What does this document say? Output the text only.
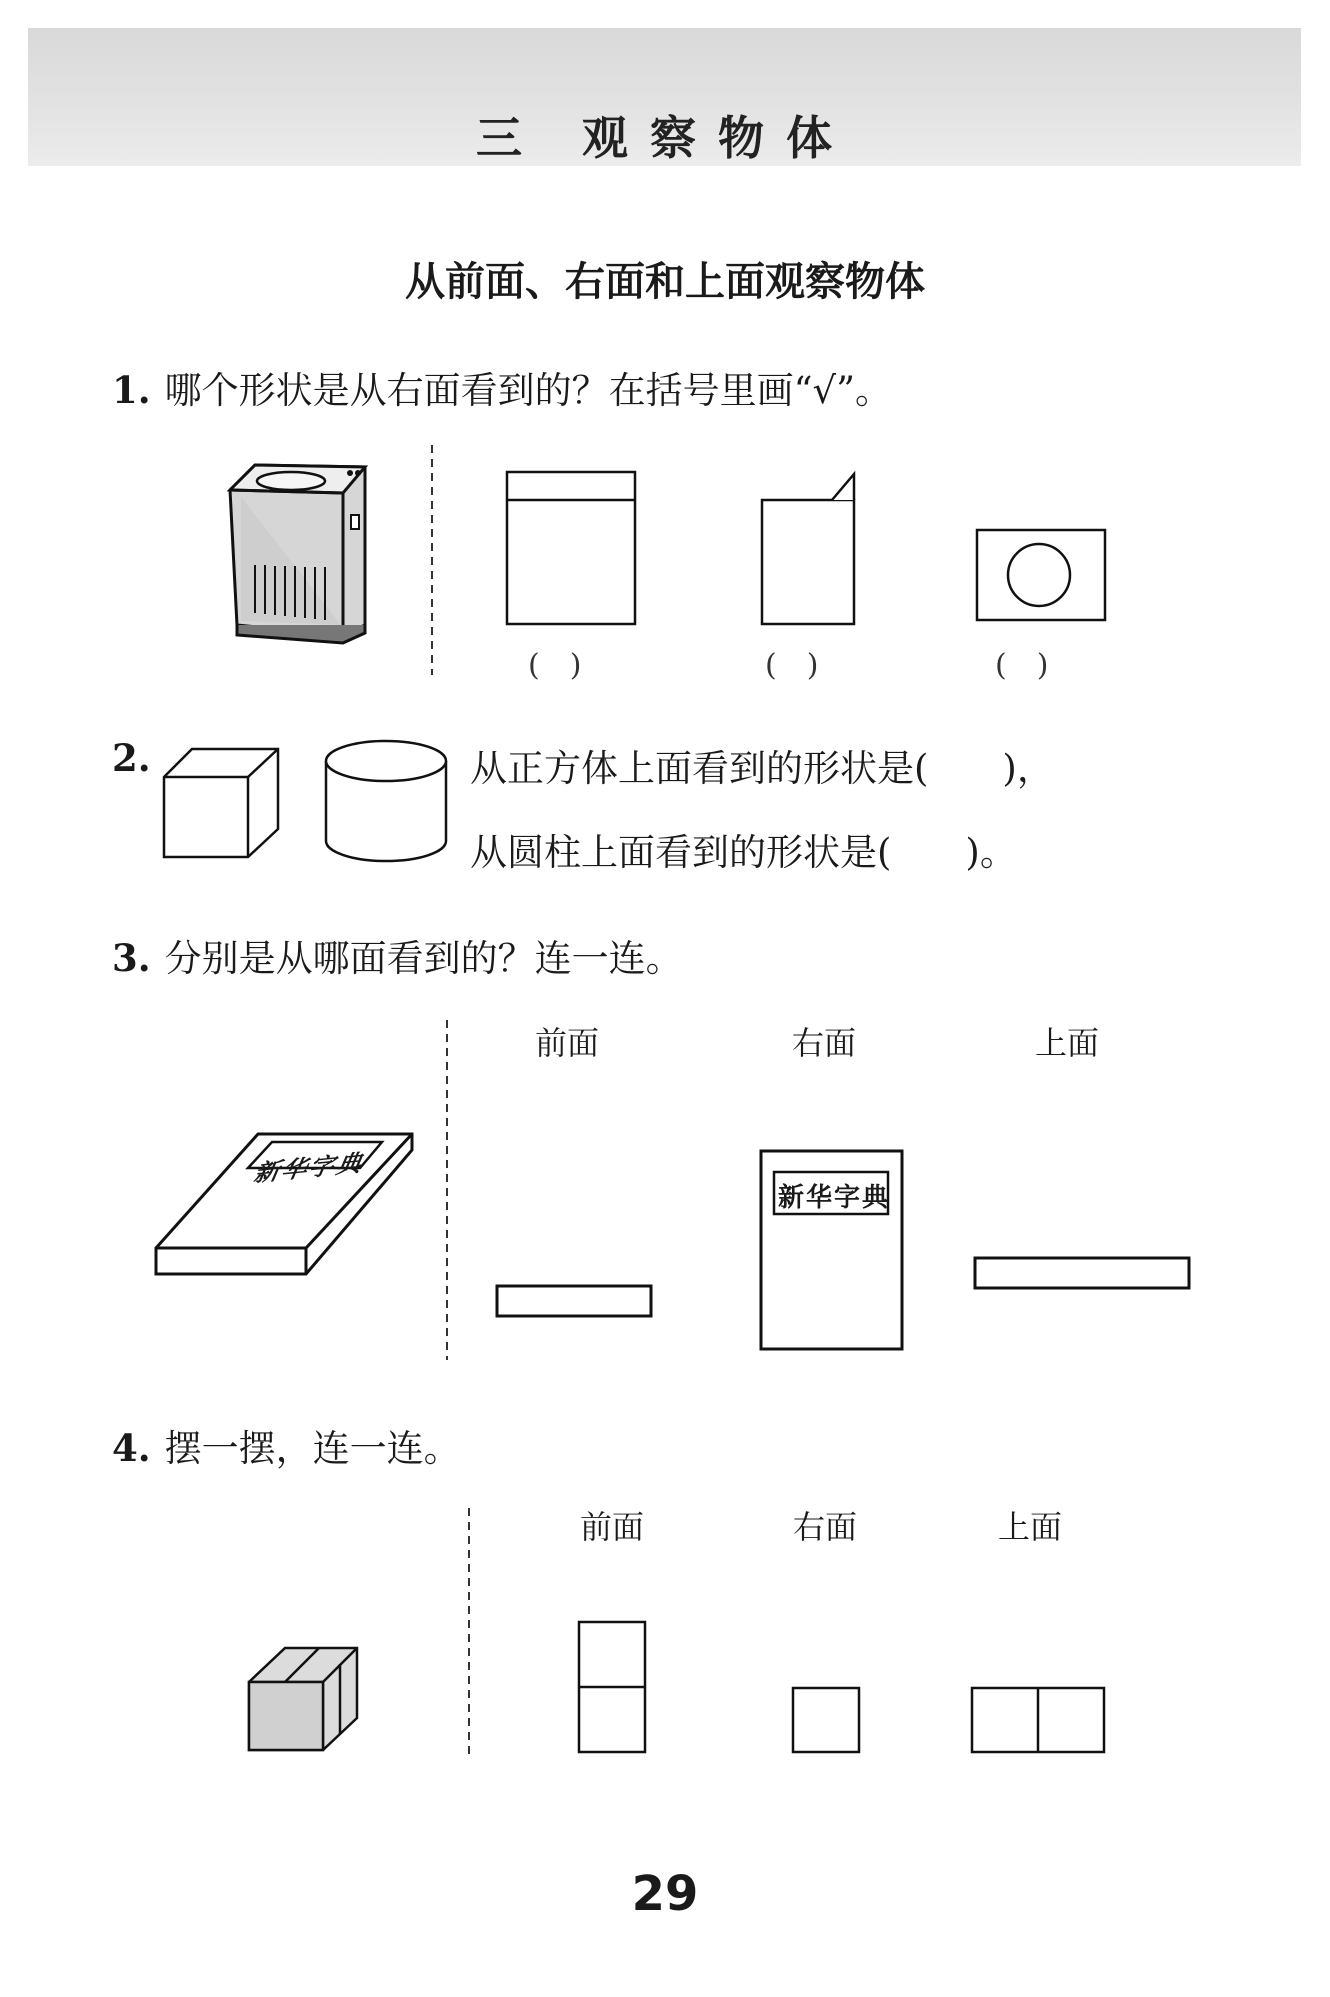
三 观察物体
从前面、右面和上面观察物体
1. 哪个形状是从右面看到的？在括号里画“√”。
(　)	(　)	(　)
2.	从正方体上面看到的形状是(　　)，
从圆柱上面看到的形状是(　　)。
3. 分别是从哪面看到的？连一连。
前面	右面	上面
新华字典
新华字典
4. 摆一摆，连一连。
前面	右面	上面
29
